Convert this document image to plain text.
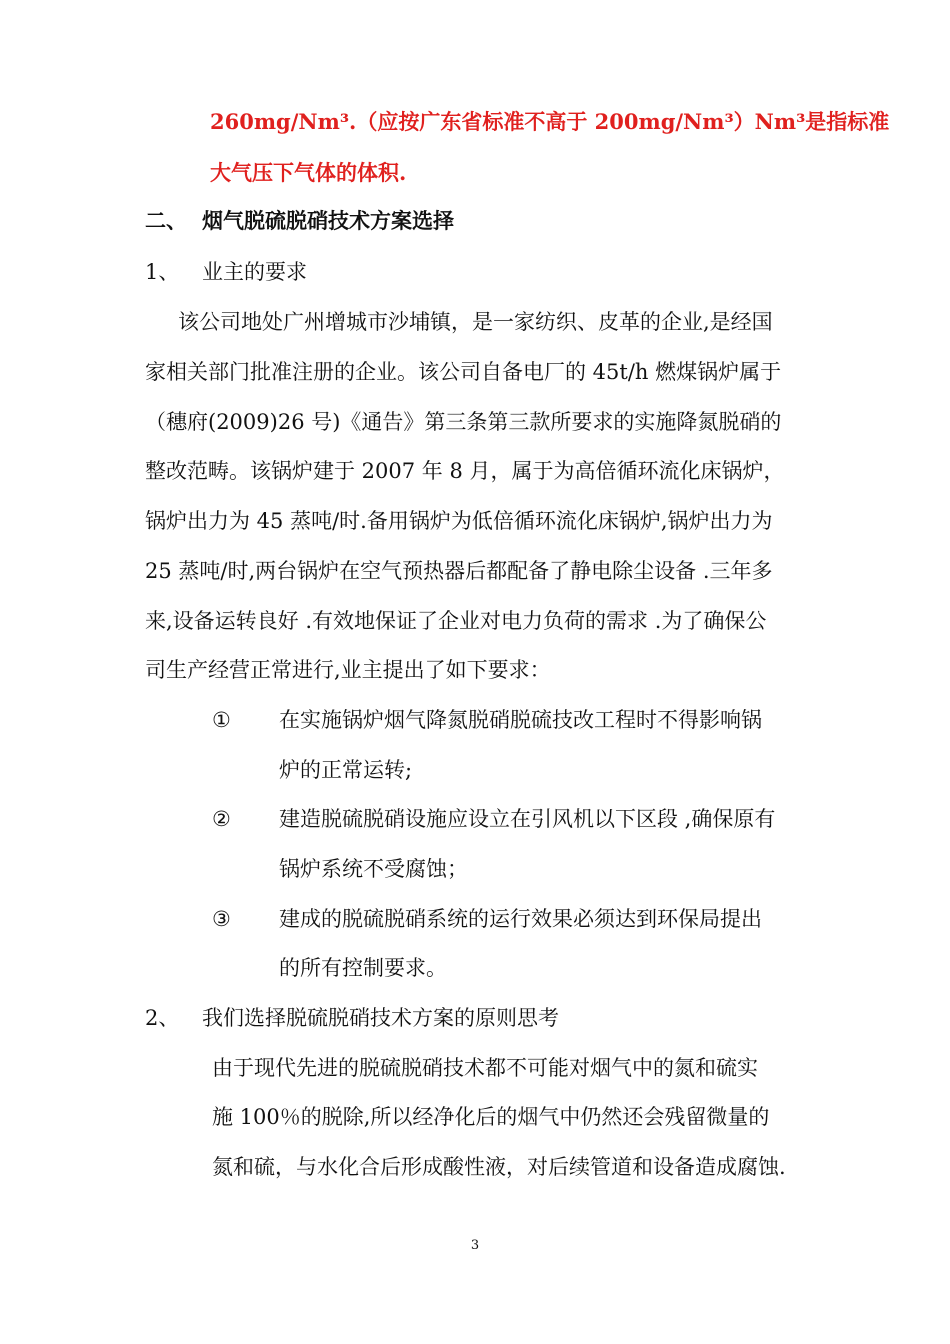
260mg/Nm³.（应按广东省标准不高于 200mg/Nm³）Nm³是指标准
大气压下气体的体积.
二、 烟气脱硫脱硝技术方案选择
1、 业主的要求
该公司地处广州增城市沙埔镇，是一家纺织、皮革的企业,是经国
家相关部门批准注册的企业。该公司自备电厂的 45t/h 燃煤锅炉属于
（穗府(2009)26 号)《通告》第三条第三款所要求的实施降氮脱硝的
整改范畴。该锅炉建于 2007 年 8 月，属于为高倍循环流化床锅炉，
锅炉出力为 45 蒸吨/时.备用锅炉为低倍循环流化床锅炉,锅炉出力为
25 蒸吨/时,两台锅炉在空气预热器后都配备了静电除尘设备 .三年多
来,设备运转良好 .有效地保证了企业对电力负荷的需求 .为了确保公
司生产经营正常进行,业主提出了如下要求：
① 在实施锅炉烟气降氮脱硝脱硫技改工程时不得影响锅
炉的正常运转;
② 建造脱硫脱硝设施应设立在引风机以下区段 ,确保原有
锅炉系统不受腐蚀；
③ 建成的脱硫脱硝系统的运行效果必须达到环保局提出
的所有控制要求。
2、 我们选择脱硫脱硝技术方案的原则思考
由于现代先进的脱硫脱硝技术都不可能对烟气中的氮和硫实
施 100％的脱除,所以经净化后的烟气中仍然还会残留微量的
氮和硫，与水化合后形成酸性液，对后续管道和设备造成腐蚀.
3
